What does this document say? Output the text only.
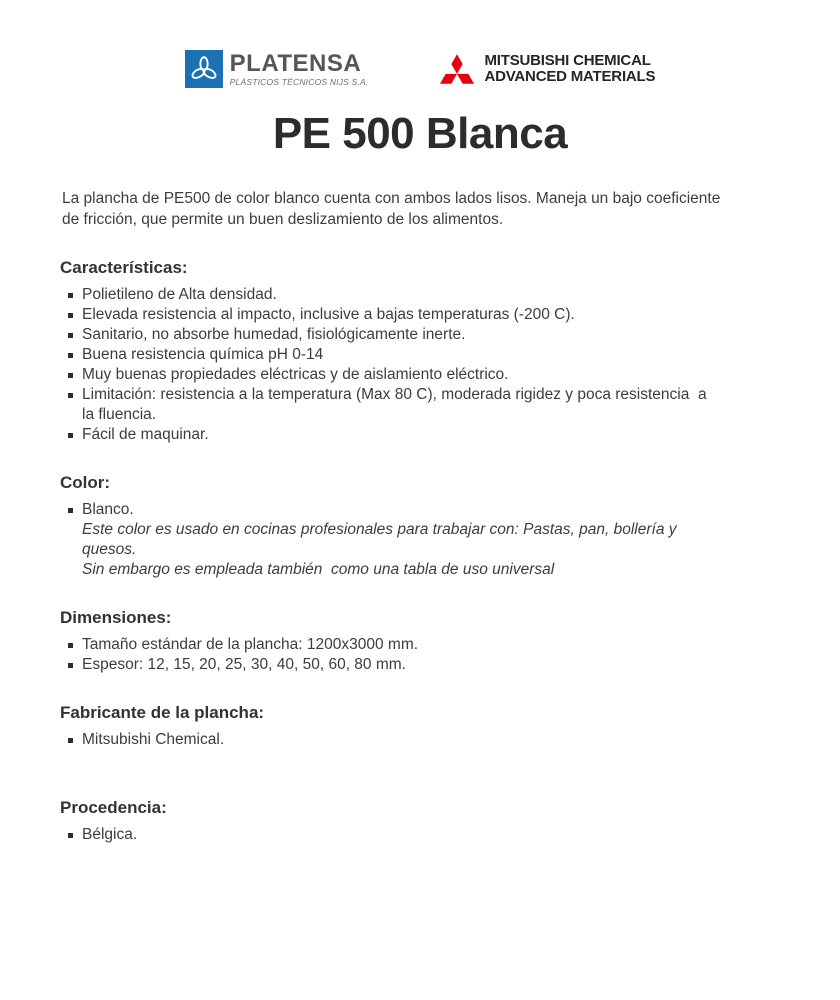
PLATENSA
PLÁSTICOS TÉCNICOS NIJS S.A.
MITSUBISHI CHEMICAL
ADVANCED MATERIALS
PE 500 Blanca

La plancha de PE500 de color blanco cuenta con ambos lados lisos. Maneja un bajo coeficiente
de fricción, que permite un buen deslizamiento de los alimentos.

Características:
Polietileno de Alta densidad.
Elevada resistencia al impacto, inclusive a bajas temperaturas (-200 C).
Sanitario, no absorbe humedad, fisiológicamente inerte.
Buena resistencia química pH 0-14
Muy buenas propiedades eléctricas y de aislamiento eléctrico.
Limitación: resistencia a la temperatura (Max 80 C), moderada rigidez y poca resistencia  a
la fluencia.
Fácil de maquinar.
Color:
Blanco.
Este color es usado en cocinas profesionales para trabajar con: Pastas, pan, bollería y
quesos.
Sin embargo es empleada también  como una tabla de uso universal
Dimensiones:
Tamaño estándar de la plancha: 1200x3000 mm.
Espesor: 12, 15, 20, 25, 30, 40, 50, 60, 80 mm.
Fabricante de la plancha:
Mitsubishi Chemical.
Procedencia:
Bélgica.
